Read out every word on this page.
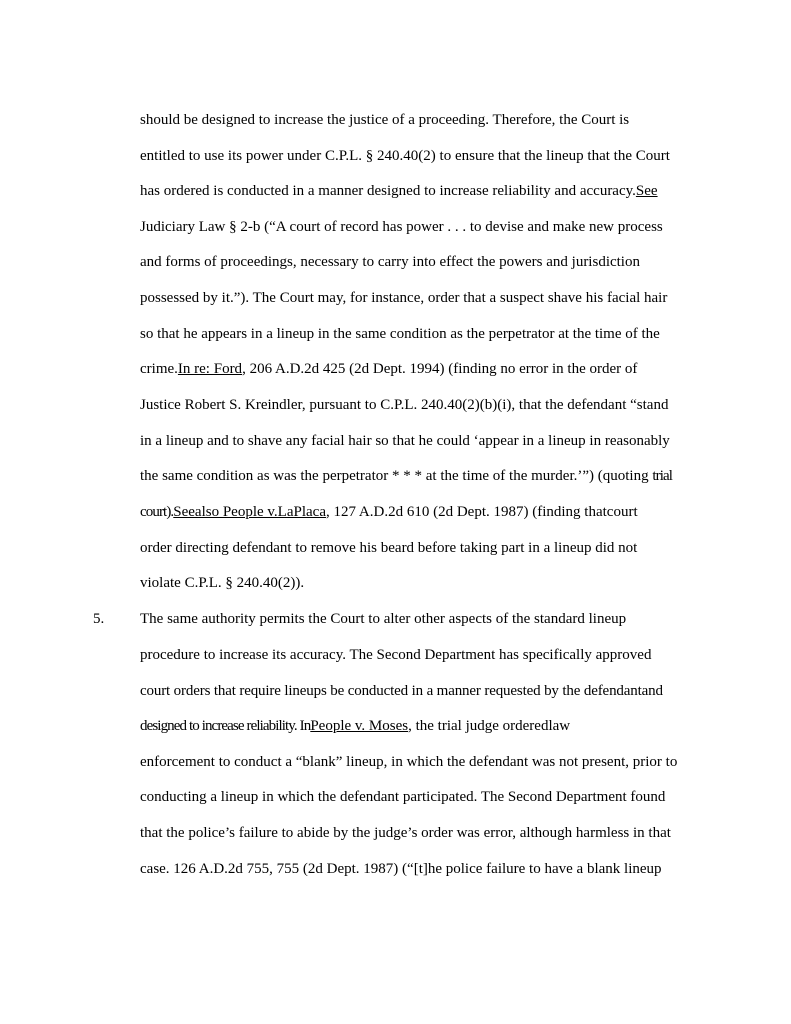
should be designed to increase the justice of a proceeding. Therefore, the Court is
entitled to use its power under C.P.L. § 240.40(2) to ensure that the lineup that the Court
has ordered is conducted in a manner designed to increase reliability and accuracy.See
Judiciary Law § 2-b (“A court of record has power . . . to devise and make new process
and forms of proceedings, necessary to carry into effect the powers and jurisdiction
possessed by it.”). The Court may, for instance, order that a suspect shave his facial hair
so that he appears in a lineup in the same condition as the perpetrator at the time of the
crime.In re: Ford, 206 A.D.2d 425 (2d Dept. 1994) (finding no error in the order of
Justice Robert S. Kreindler, pursuant to C.P.L. 240.40(2)(b)(i), that the defendant “stand
in a lineup and to shave any facial hair so that he could ‘appear in a lineup in reasonably
the same condition as was the perpetrator * * * at the time of the murder.’”) (quoting trial
court).Seealso People v.LaPlaca, 127 A.D.2d 610 (2d Dept. 1987) (finding thatcourt
order directing defendant to remove his beard before taking part in a lineup did not
violate C.P.L. § 240.40(2)).
5. The same authority permits the Court to alter other aspects of the standard lineup
procedure to increase its accuracy. The Second Department has specifically approved
court orders that require lineups be conducted in a manner requested by the defendantand
designed to increase reliability. InPeople v. Moses, the trial judge orderedlaw
enforcement to conduct a “blank” lineup, in which the defendant was not present, prior to
conducting a lineup in which the defendant participated. The Second Department found
that the police’s failure to abide by the judge’s order was error, although harmless in that
case. 126 A.D.2d 755, 755 (2d Dept. 1987) (“[t]he police failure to have a blank lineup
